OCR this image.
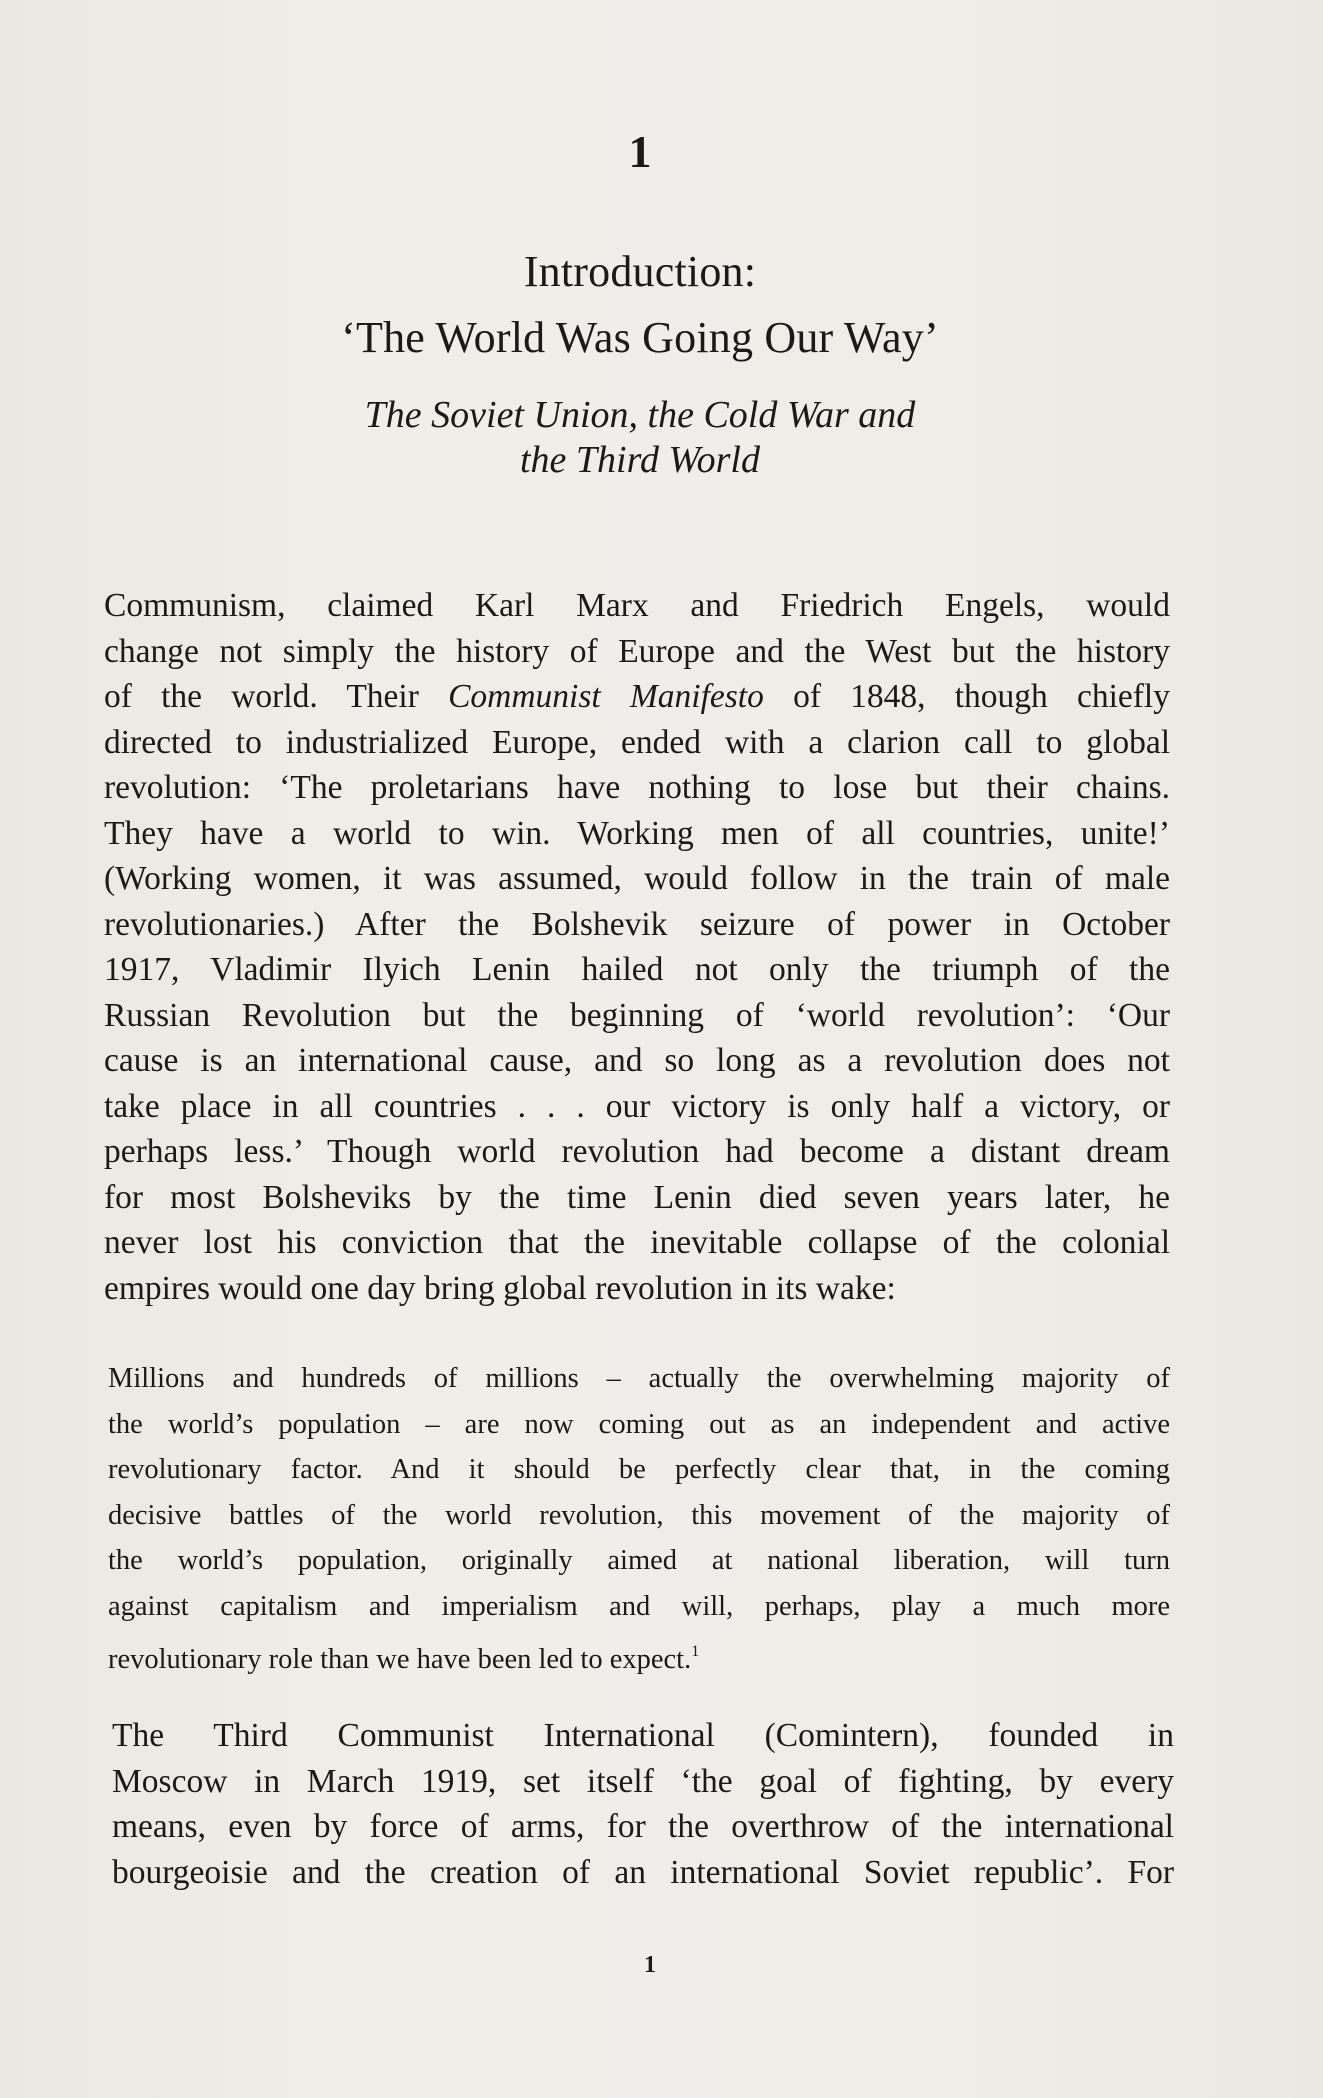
1
Introduction:
‘The World Was Going Our Way’
The Soviet Union, the Cold War and
the Third World
Communism, claimed Karl Marx and Friedrich Engels, would
change not simply the history of Europe and the West but the history
of the world. Their Communist Manifesto of 1848, though chiefly
directed to industrialized Europe, ended with a clarion call to global
revolution: ‘The proletarians have nothing to lose but their chains.
They have a world to win. Working men of all countries, unite!’
(Working women, it was assumed, would follow in the train of male
revolutionaries.) After the Bolshevik seizure of power in October
1917, Vladimir Ilyich Lenin hailed not only the triumph of the
Russian Revolution but the beginning of ‘world revolution’: ‘Our
cause is an international cause, and so long as a revolution does not
take place in all countries . . . our victory is only half a victory, or
perhaps less.’ Though world revolution had become a distant dream
for most Bolsheviks by the time Lenin died seven years later, he
never lost his conviction that the inevitable collapse of the colonial
empires would one day bring global revolution in its wake:
Millions and hundreds of millions – actually the overwhelming majority of
the world’s population – are now coming out as an independent and active
revolutionary factor. And it should be perfectly clear that, in the coming
decisive battles of the world revolution, this movement of the majority of
the world’s population, originally aimed at national liberation, will turn
against capitalism and imperialism and will, perhaps, play a much more
revolutionary role than we have been led to expect.$^1$
The Third Communist International (Comintern), founded in
Moscow in March 1919, set itself ‘the goal of fighting, by every
means, even by force of arms, for the overthrow of the international
bourgeoisie and the creation of an international Soviet republic’. For
1
